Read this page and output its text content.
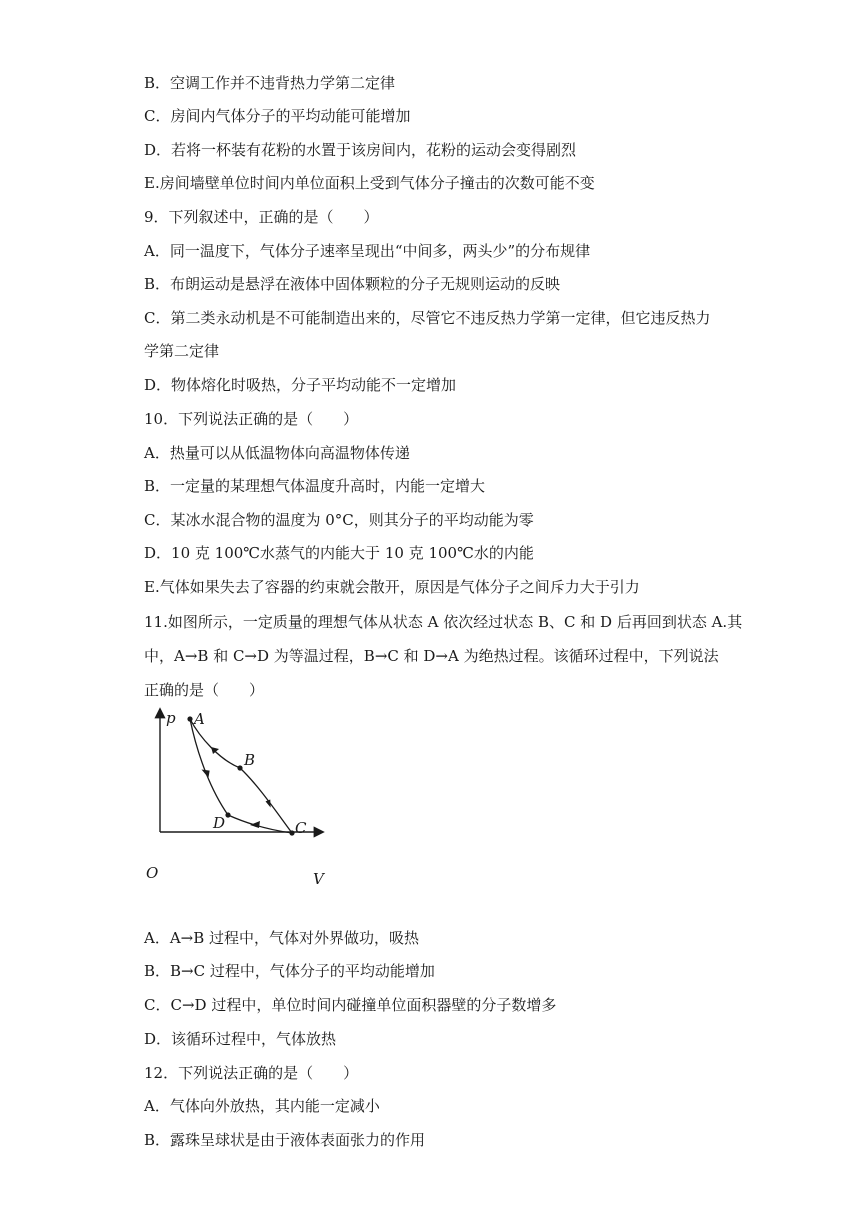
B．空调工作并不违背热力学第二定律
C．房间内气体分子的平均动能可能增加
D．若将一杯装有花粉的水置于该房间内，花粉的运动会变得剧烈
E.房间墙壁单位时间内单位面积上受到气体分子撞击的次数可能不变
9．下列叙述中，正确的是（　　）
A．同一温度下，气体分子速率呈现出“中间多，两头少”的分布规律
B．布朗运动是悬浮在液体中固体颗粒的分子无规则运动的反映
C．第二类永动机是不可能制造出来的，尽管它不违反热力学第一定律，但它违反热力
学第二定律
D．物体熔化时吸热，分子平均动能不一定增加
10．下列说法正确的是（　　）
A．热量可以从低温物体向高温物体传递
B．一定量的某理想气体温度升高时，内能一定增大
C．某冰水混合物的温度为 0°C，则其分子的平均动能为零
D．10 克 100℃水蒸气的内能大于 10 克 100℃水的内能
E.气体如果失去了容器的约束就会散开，原因是气体分子之间斥力大于引力
11.如图所示，一定质量的理想气体从状态 A 依次经过状态 B、C 和 D 后再回到状态 A.其
中，A→B 和 C→D 为等温过程，B→C 和 D→A 为绝热过程。该循环过程中，下列说法
正确的是（　　）
p A
B
C
D
O	V
A．A→B 过程中，气体对外界做功，吸热
B．B→C 过程中，气体分子的平均动能增加
C．C→D 过程中，单位时间内碰撞单位面积器壁的分子数增多
D．该循环过程中，气体放热
12．下列说法正确的是（　　）
A．气体向外放热，其内能一定减小
B．露珠呈球状是由于液体表面张力的作用
